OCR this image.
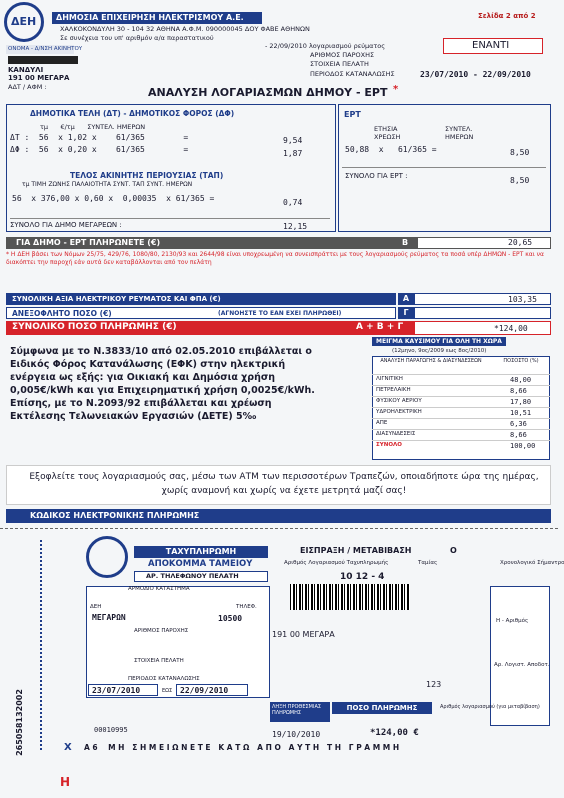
ΔΕΗ	ΔΗΜΟΣΙΑ ΕΠΙΧΕΙΡΗΣΗ ΗΛΕΚΤΡΙΣΜΟΥ Α.Ε.	Σελίδα 2 από 2
ΧΑΛΚΟΚΟΝΔΥΛΗ 30 - 104 32 ΑΘΗΝΑ Α.Φ.Μ. 090000045 ΔΟΥ ΦΑΒΕ ΑΘΗΝΩΝ
Σε συνέχεια του υπ' αριθμόν α/α παραστατικού
- 22/09/2010 λογαριασμού ρεύματος	ΕΝΑΝΤΙ
ΟΝΟΜΑ - Δ/ΝΣΗ ΑΚΙΝΗΤΟΥ
ΚΑΝΔΥΛΙ
191 00 ΜΕΓΑΡΑ
ΑΔΤ / ΑΦΜ :
ΑΡΙΘΜΟΣ ΠΑΡΟΧΗΣ
ΣΤΟΙΧΕΙΑ ΠΕΛΑΤΗ
ΠΕΡΙΟΔΟΣ ΚΑΤΑΝΑΛΩΣΗΣ	23/07/2010 - 22/09/2010
ΑΝΑΛΥΣΗ ΛΟΓΑΡΙΑΣΜΩΝ ΔΗΜΟΥ - ΕΡΤ *
ΔΗΜΟΤΙΚΑ ΤΕΛΗ (ΔΤ) - ΔΗΜΟΤΙΚΟΣ ΦΟΡΟΣ (ΔΦ)
τμ      €/τμ      ΣΥΝΤΕΛ. ΗΜΕΡΩΝ
ΔΤ :  56  x 1,02 x    61/365        =	9,54
ΔΦ :  56  x 0,20 x    61/365        =	1,87
ΤΕΛΟΣ ΑΚΙΝΗΤΗΣ ΠΕΡΙΟΥΣΙΑΣ (ΤΑΠ)
τμ ΤΙΜΗ ΖΩΝΗΣ ΠΑΛΑΙΟΤΗΤΑ ΣΥΝΤ. ΤΑΠ ΣΥΝΤ. ΗΜΕΡΩΝ
56  x 376,00 x 0,60 x  0,00035  x 61/365 =	0,74
ΣΥΝΟΛΟ ΓΙΑ ΔΗΜΟ ΜΕΓΑΡΕΩΝ :	12,15
ΕΡΤ
ΕΤΗΣΙΑ
ΧΡΕΩΣΗ
ΣΥΝΤΕΛ.
ΗΜΕΡΩΝ
50,88  x   61/365 =	8,50
ΣΥΝΟΛΟ ΓΙΑ ΕΡΤ :	8,50
ΓΙΑ ΔΗΜΟ - ΕΡΤ ΠΛΗΡΩΝΕΤΕ (€)	Β	20,65
* Η ΔΕΗ βάσει των Νόμων 25/75, 429/76, 1080/80, 2130/93 και 2644/98 είναι υποχρεωμένη να συνεισπράττει με τους λογαριασμούς ρεύματος τα ποσά υπέρ ΔΗΜΩΝ - ΕΡΤ και να διακόπτει την παροχή εάν αυτά δεν καταβάλλονται από τον πελάτη
ΣΥΝΟΛΙΚΗ ΑΞΙΑ ΗΛΕΚΤΡΙΚΟΥ ΡΕΥΜΑΤΟΣ ΚΑΙ ΦΠΑ (€)	Α	103,35
ΑΝΕΞΟΦΛΗΤΟ ΠΟΣΟ (€)	(ΑΓΝΟΗΣΤΕ ΤΟ ΕΑΝ ΕΧΕΙ ΠΛΗΡΩΘΕΙ)	Γ
ΣΥΝΟΛΙΚΟ ΠΟΣΟ ΠΛΗΡΩΜΗΣ (€)	Α + Β + Γ	*124,00
Σύμφωνα με το Ν.3833/10 από 02.05.2010 επιβάλλεται ο Ειδικός Φόρος Κατανάλωσης (ΕΦΚ) στην ηλεκτρική ενέργεια ως εξής: για Οικιακή και Δημόσια χρήση 0,005€/kWh και για Επιχειρηματική χρήση 0,0025€/kWh. Επίσης, με το Ν.2093/92 επιβάλλεται και χρέωση Εκτέλεσης Τελωνειακών Εργασιών (ΔΕΤΕ) 5‰
ΜΕΙΓΜΑ ΚΑΥΣΙΜΟΥ ΓΙΑ ΟΛΗ ΤΗ ΧΩΡΑ
(12μηνο, 9ος/2009 εως 8ος/2010)
ΑΝΑΛΥΣΗ ΠΑΡΑΓΩΓΗΣ & ΔΙΑΣΥΝΔΕΣΕΩΝ	ΠΟΣΟΣΤΟ (%)
ΛΙΓΝΙΤΙΚΗ	48,00
ΠΕΤΡΕΛΑΙΚΗ	8,66
ΦΥΣΙΚΟΥ ΑΕΡΙΟΥ	17,80
ΥΔΡΟΗΛΕΚΤΡΙΚΗ	10,51
ΑΠΕ	6,36
ΔΙΑΣΥΝΔΕΣΕΙΣ	8,66
ΣΥΝΟΛΟ	100,00
Εξοφλείτε τους λογαριασμούς σας, μέσω των ΑΤΜ των περισσοτέρων Τραπεζών, οποιαδήποτε ώρα της ημέρας, χωρίς αναμονή και χωρίς να έχετε μετρητά μαζί σας!
ΚΩΔΙΚΟΣ ΗΛΕΚΤΡΟΝΙΚΗΣ ΠΛΗΡΩΜΗΣ
265058132002
ΤΑΧΥΠΛΗΡΩΜΗ	ΕΙΣΠΡΑΞΗ / ΜΕΤΑΒΙΒΑΣΗ	Ο
ΑΠΟΚΟΜΜΑ ΤΑΜΕΙΟΥ
ΑΡ. ΤΗΛΕΦΩΝΟΥ ΠΕΛΑΤΗ
Αριθμός Λογαριασμού Ταχυπληρωμής
10 12 - 4
Ταμίας	Χρονολογικό Σήμαντρο
ΑΡΜΟΔΙΟ ΚΑΤΑΣΤΗΜΑ
ΔΕΗ	ΤΗΛΕΦ.
ΜΕΓΑΡΩΝ	10500
ΑΡΙΘΜΟΣ ΠΑΡΟΧΗΣ
ΣΤΟΙΧΕΙΑ ΠΕΛΑΤΗ
ΠΕΡΙΟΔΟΣ ΚΑΤΑΝΑΛΩΣΗΣ
23/07/2010	ΕΩΣ 22/09/2010
191 00 ΜΕΓΑΡΑ
123
Η - Αριθμός
Αρ. Λογιστ. Αποδοτ.
Αριθμός λογαριασμού (για μεταβίβαση)
00010995
ΛΗΞΗ ΠΡΟΘΕΣΜΙΑΣ ΠΛΗΡΩΜΗΣ
ΠΟΣΟ ΠΛΗΡΩΜΗΣ
19/10/2010	*124,00 €
X Α 6    Μ Η   Σ Η Μ Ε Ι Ω Ν Ε Τ Ε   Κ Α Τ Ω   Α Π Ο   Α Υ Τ Η   Τ Η   Γ Ρ Α Μ Μ Η
Η
